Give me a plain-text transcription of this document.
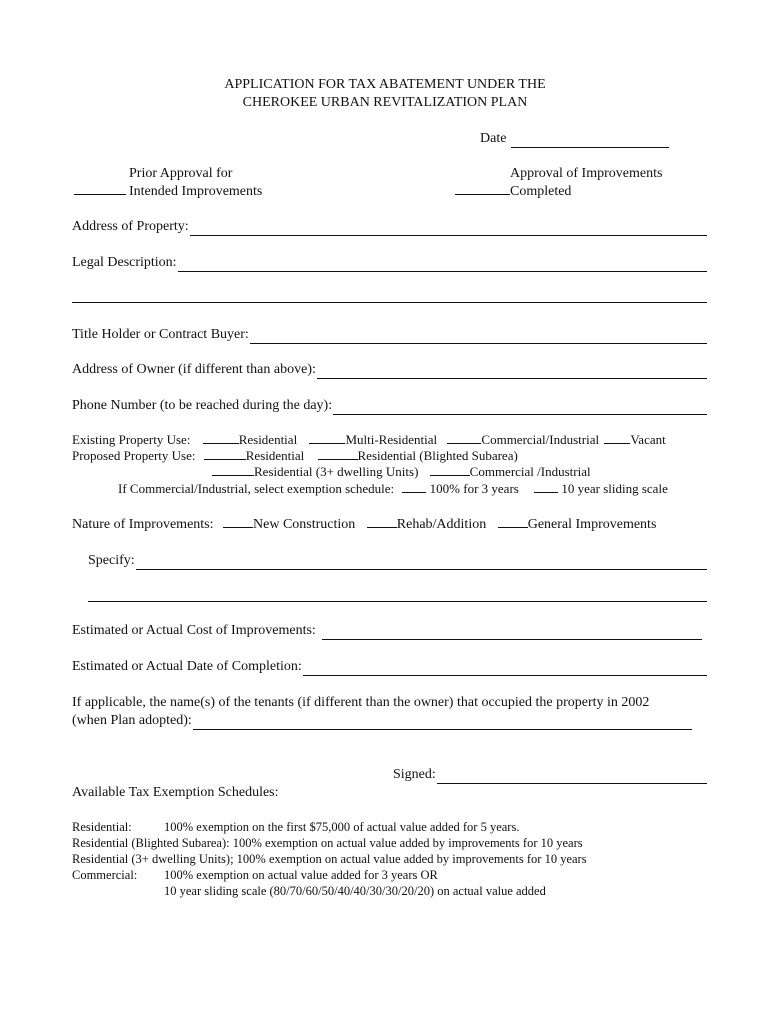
APPLICATION FOR TAX ABATEMENT UNDER THE
CHEROKEE URBAN REVITALIZATION PLAN
Date
Prior Approval for
Intended Improvements
Approval of Improvements
Completed
Address of Property:
Legal Description:
Title Holder or Contract Buyer:
Address of Owner (if different than above):
Phone Number (to be reached during the day):
Existing Property Use:	Residential	Multi-Residential	Commercial/Industrial Vacant
Proposed Property Use:	Residential	Residential (Blighted Subarea)
Residential (3+ dwelling Units)	Commercial /Industrial
If Commercial/Industrial, select exemption schedule:	100% for 3 years	10 year sliding scale
Nature of Improvements:	New Construction	Rehab/Addition	General Improvements
Specify:
Estimated or Actual Cost of Improvements:
Estimated or Actual Date of Completion:
If applicable, the name(s) of the tenants (if different than the owner) that occupied the property in 2002
(when Plan adopted):
Signed:
Available Tax Exemption Schedules:
Residential:	100% exemption on the first $75,000 of actual value added for 5 years.
Residential (Blighted Subarea): 100% exemption on actual value added by improvements for 10 years
Residential (3+ dwelling Units); 100% exemption on actual value added by improvements for 10 years
Commercial: 100% exemption on actual value added for 3 years OR
10 year sliding scale (80/70/60/50/40/40/30/30/20/20) on actual value added
